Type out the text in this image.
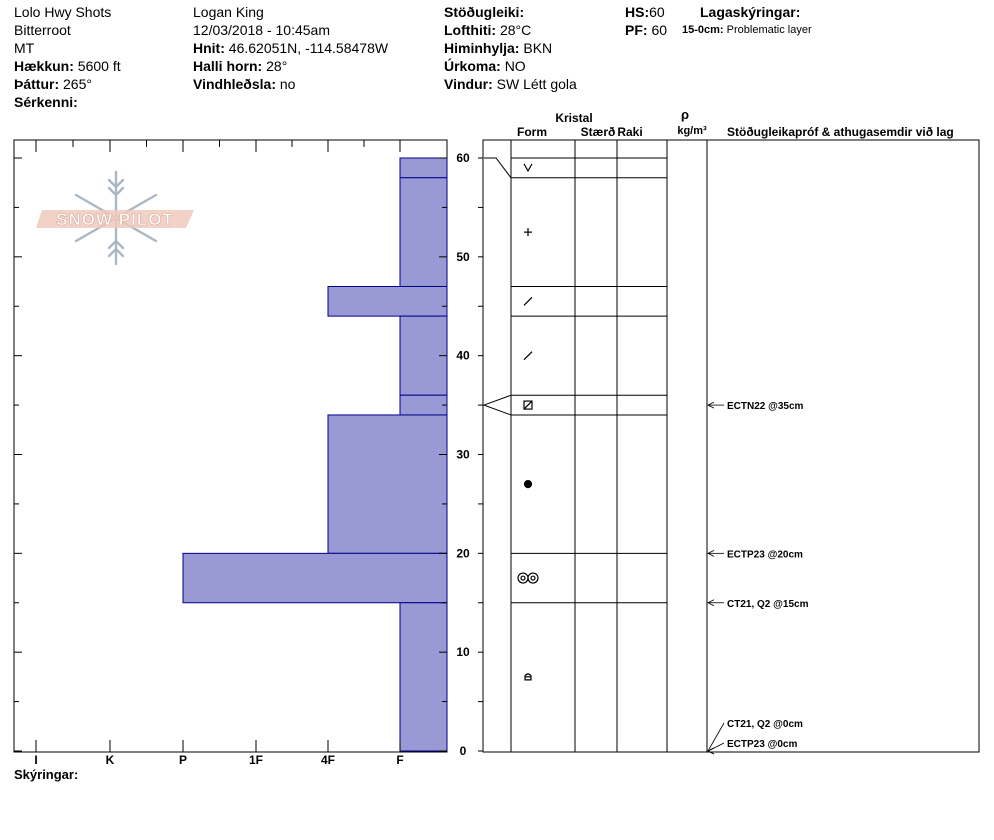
Lolo Hwy Shots
Bitterroot
MT
Hækkun: 5600 ft
Þáttur: 265°
Sérkenni:
Logan King
12/03/2018 - 10:45am
Hnit: 46.62051N, -114.58478W
Halli horn: 28°
Vindhleðsla: no
Stöðugleiki:
Lofthiti: 28°C
Himinhylja: BKN
Úrkoma: NO
Vindur: SW Létt gola
HS:60
PF: 60
Lagaskýringar:
15-0cm: Problematic layer
SNOW PILOT
I	K	P	1F	4F	F
0
10
20
30
40
50
60
ECTN22 @35cm
ECTP23 @20cm
CT21, Q2 @15cm
CT21, Q2 @0cm
ECTP23 @0cm
Kristal
Form	Stærð Raki
ρ
kg/m³ Stöðugleikapróf & athugasemdir við lag
Skýringar:
